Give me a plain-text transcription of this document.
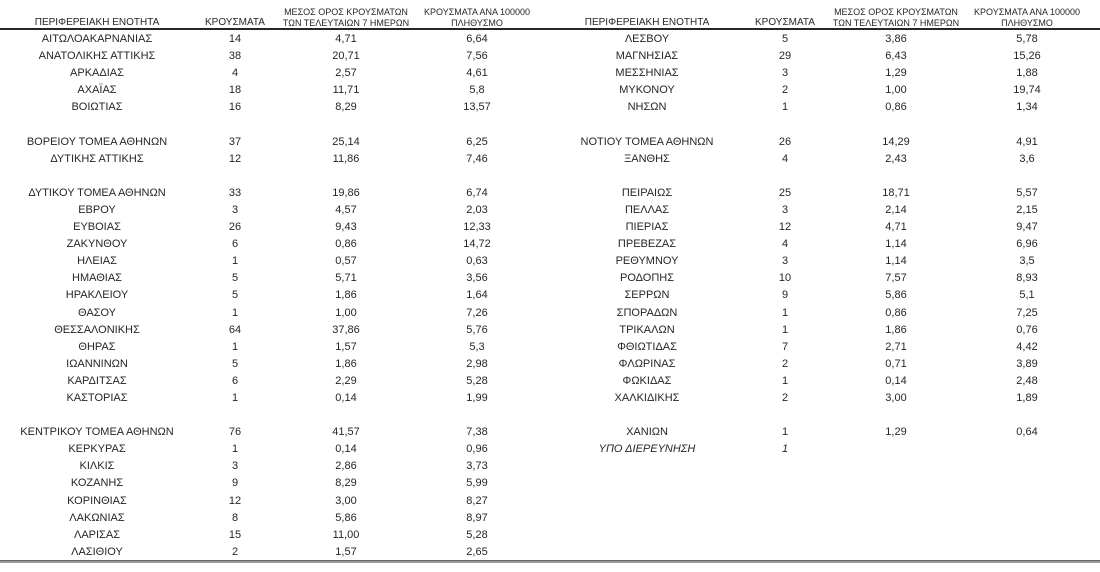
ΠΕΡΙΦΕΡΕΙΑΚΗ ΕΝΟΤΗΤΑ	ΚΡΟΥΣΜΑΤΑ	ΜΕΣΟΣ ΟΡΟΣ ΚΡΟΥΣΜΑΤΩΝ
ΤΩΝ ΤΕΛΕΥΤΑΙΩΝ 7 ΗΜΕΡΩΝ	ΚΡΟΥΣΜΑΤΑ ΑΝΑ 100000
ΠΛΗΘΥΣΜΟ

ΑΙΤΩΛΟΑΚΑΡΝΑΝΙΑΣ	14	4,71	6,64
ΑΝΑΤΟΛΙΚΗΣ ΑΤΤΙΚΗΣ	38	20,71	7,56
ΑΡΚΑΔΙΑΣ	4	2,57	4,61
ΑΧΑΪΑΣ	18	11,71	5,8
ΒΟΙΩΤΙΑΣ	16	8,29	13,57

ΒΟΡΕΙΟΥ ΤΟΜΕΑ ΑΘΗΝΩΝ	37	25,14	6,25
ΔΥΤΙΚΗΣ ΑΤΤΙΚΗΣ	12	11,86	7,46

ΔΥΤΙΚΟΥ ΤΟΜΕΑ ΑΘΗΝΩΝ	33	19,86	6,74
ΕΒΡΟΥ	3	4,57	2,03
ΕΥΒΟΙΑΣ	26	9,43	12,33
ΖΑΚΥΝΘΟΥ	6	0,86	14,72
ΗΛΕΙΑΣ	1	0,57	0,63
ΗΜΑΘΙΑΣ	5	5,71	3,56
ΗΡΑΚΛΕΙΟΥ	5	1,86	1,64
ΘΑΣΟΥ	1	1,00	7,26
ΘΕΣΣΑΛΟΝΙΚΗΣ	64	37,86	5,76
ΘΗΡΑΣ	1	1,57	5,3
ΙΩΑΝΝΙΝΩΝ	5	1,86	2,98
ΚΑΡΔΙΤΣΑΣ	6	2,29	5,28
ΚΑΣΤΟΡΙΑΣ	1	0,14	1,99

ΚΕΝΤΡΙΚΟΥ ΤΟΜΕΑ ΑΘΗΝΩΝ	76	41,57	7,38
ΚΕΡΚΥΡΑΣ	1	0,14	0,96
ΚΙΛΚΙΣ	3	2,86	3,73
ΚΟΖΑΝΗΣ	9	8,29	5,99
ΚΟΡΙΝΘΙΑΣ	12	3,00	8,27
ΛΑΚΩΝΙΑΣ	8	5,86	8,97
ΛΑΡΙΣΑΣ	15	11,00	5,28
ΛΑΣΙΘΙΟΥ	2	1,57	2,65
ΠΕΡΙΦΕΡΕΙΑΚΗ ΕΝΟΤΗΤΑ	ΚΡΟΥΣΜΑΤΑ	ΜΕΣΟΣ ΟΡΟΣ ΚΡΟΥΣΜΑΤΩΝ
ΤΩΝ ΤΕΛΕΥΤΑΙΩΝ 7 ΗΜΕΡΩΝ	ΚΡΟΥΣΜΑΤΑ ΑΝΑ 100000
ΠΛΗΘΥΣΜΟ

ΛΕΣΒΟΥ	5	3,86	5,78
ΜΑΓΝΗΣΙΑΣ	29	6,43	15,26
ΜΕΣΣΗΝΙΑΣ	3	1,29	1,88
ΜΥΚΟΝΟΥ	2	1,00	19,74
ΝΗΣΩΝ	1	0,86	1,34

ΝΟΤΙΟΥ ΤΟΜΕΑ ΑΘΗΝΩΝ	26	14,29	4,91
ΞΑΝΘΗΣ	4	2,43	3,6

ΠΕΙΡΑΙΩΣ	25	18,71	5,57
ΠΕΛΛΑΣ	3	2,14	2,15
ΠΙΕΡΙΑΣ	12	4,71	9,47
ΠΡΕΒΕΖΑΣ	4	1,14	6,96
ΡΕΘΥΜΝΟΥ	3	1,14	3,5
ΡΟΔΟΠΗΣ	10	7,57	8,93
ΣΕΡΡΩΝ	9	5,86	5,1
ΣΠΟΡΑΔΩΝ	1	0,86	7,25
ΤΡΙΚΑΛΩΝ	1	1,86	0,76
ΦΘΙΩΤΙΔΑΣ	7	2,71	4,42
ΦΛΩΡΙΝΑΣ	2	0,71	3,89
ΦΩΚΙΔΑΣ	1	0,14	2,48
ΧΑΛΚΙΔΙΚΗΣ	2	3,00	1,89

ΧΑΝΙΩΝ	1	1,29	0,64
ΥΠΟ ΔΙΕΡΕΥΝΗΣΗ	1		
